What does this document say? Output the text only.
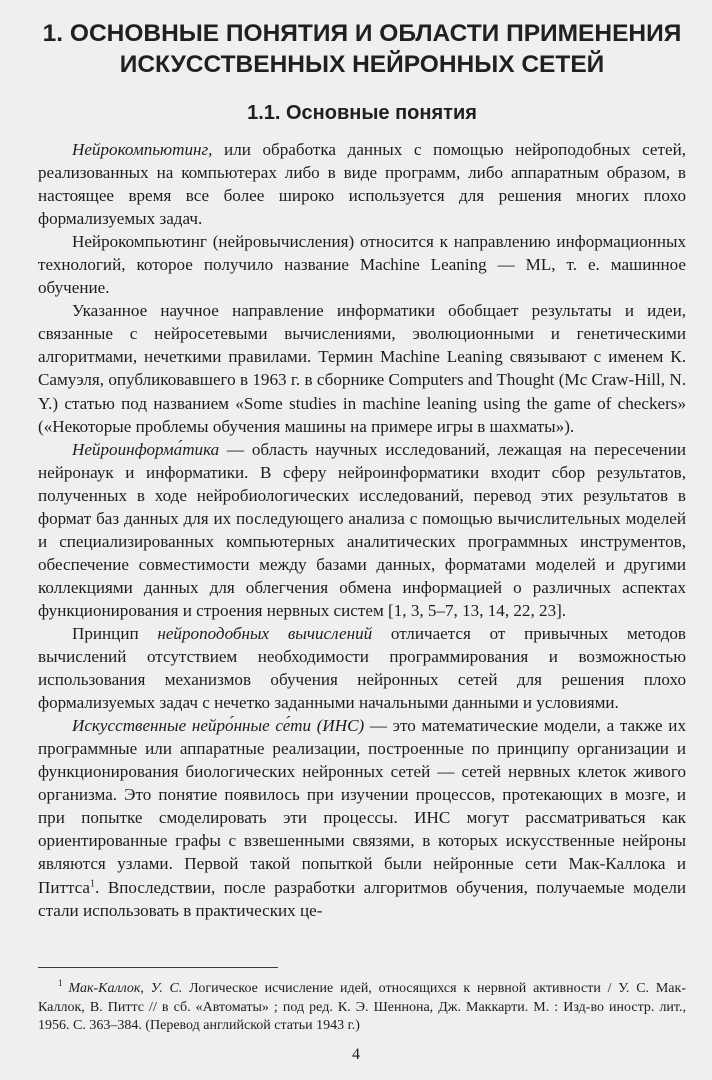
1. ОСНОВНЫЕ ПОНЯТИЯ И ОБЛАСТИ ПРИМЕНЕНИЯ
ИСКУССТВЕННЫХ НЕЙРОННЫХ СЕТЕЙ
1.1. Основные понятия

Нейрокомпьютинг, или обработка данных с помощью нейроподобных сетей, реализованных на компьютерах либо в виде программ, либо аппаратным образом, в настоящее время все более широко используется для решения многих плохо формализуемых задач.

Нейрокомпьютинг (нейровычисления) относится к направлению информационных технологий, которое получило название Machine Leaning — ML, т. е. машинное обучение.

Указанное научное направление информатики обобщает результаты и идеи, связанные с нейросетевыми вычислениями, эволюционными и генетическими алгоритмами, нечеткими правилами. Термин Machine Leaning связывают с именем К. Самуэля, опубликовавшего в 1963 г. в сборнике Computers and Thought (Mc Craw-Hill, N. Y.) статью под названием «Some studies in machine leaning using the game of checkers» («Некоторые проблемы обучения машины на примере игры в шахматы»).

Нейроинформа́тика — область научных исследований, лежащая на пересечении нейронаук и информатики. В сферу нейроинформатики входит сбор результатов, полученных в ходе нейробиологических исследований, перевод этих результатов в формат баз данных для их последующего анализа с помощью вычислительных моделей и специализированных компьютерных аналитических программных инструментов, обеспечение совместимости между базами данных, форматами моделей и другими коллекциями данных для облегчения обмена информацией о различных аспектах функционирования и строения нервных систем [1, 3, 5–7, 13, 14, 22, 23].

Принцип нейроподобных вычислений отличается от привычных методов вычислений отсутствием необходимости программирования и возможностью использования механизмов обучения нейронных сетей для решения плохо формализуемых задач с нечетко заданными начальными данными и условиями.

Искусственные нейро́нные се́ти (ИНС) — это математические модели, а также их программные или аппаратные реализации, построенные по принципу организации и функционирования биологических нейронных сетей — сетей нервных клеток живого организма. Это понятие появилось при изучении процессов, протекающих в мозге, и при попытке смоделировать эти процессы. ИНС могут рассматриваться как ориентированные графы с взвешенными связями, в которых искусственные нейроны являются узлами. Первой такой попыткой были нейронные сети Мак-Каллока и Питтса$^1$. Впоследствии, после разработки алгоритмов обучения, получаемые модели стали использовать в практических це-

$^1$ Мак-Каллок, У. С. Логическое исчисление идей, относящихся к нервной активности / У. С. Мак-Каллок, В. Питтс // в сб. «Автоматы» ; под ред. К. Э. Шеннона, Дж. Маккарти. М. : Изд-во иностр. лит., 1956. С. 363–384. (Перевод английской статьи 1943 г.)
4
